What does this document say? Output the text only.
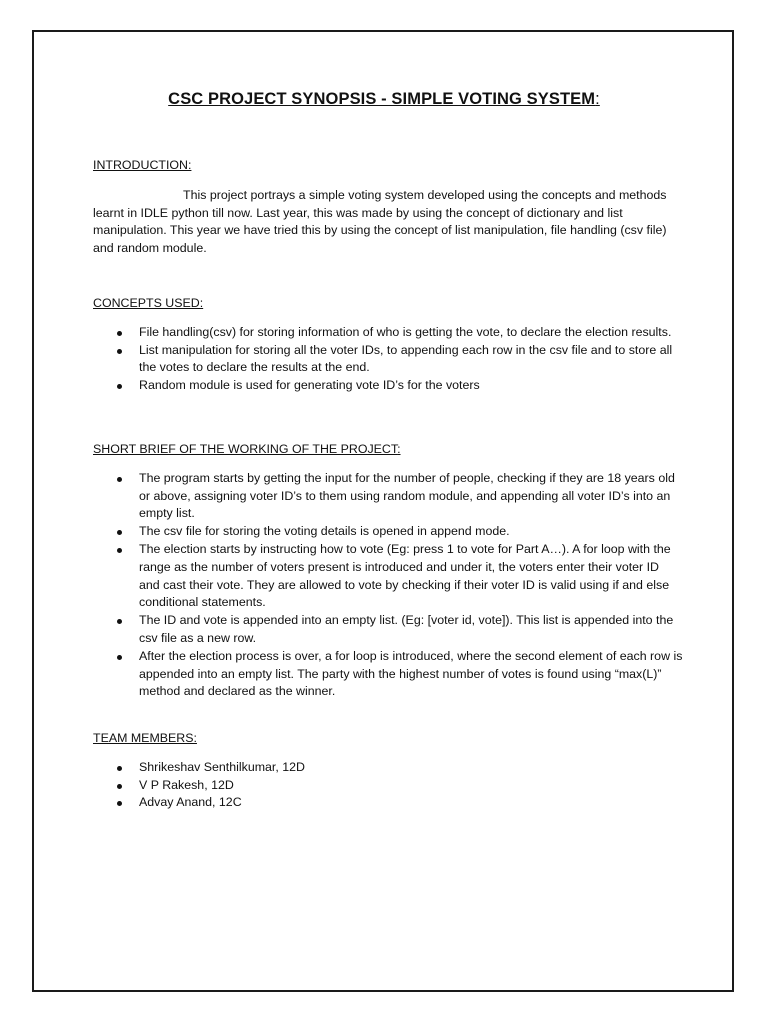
CSC PROJECT SYNOPSIS - SIMPLE VOTING SYSTEM:

INTRODUCTION:

This project portrays a simple voting system developed using the concepts and methods learnt in IDLE python till now. Last year, this was made by using the concept of dictionary and list manipulation. This year we have tried this by using the concept of list manipulation, file handling (csv file) and random module.

CONCEPTS USED:

File handling(csv) for storing information of who is getting the vote, to declare the election results.
List manipulation for storing all the voter IDs, to appending each row in the csv file and to store all the votes to declare the results at the end.
Random module is used for generating vote ID’s for the voters

SHORT BRIEF OF THE WORKING OF THE PROJECT:

The program starts by getting the input for the number of people, checking if they are 18 years old or above, assigning voter ID’s to them using random module, and appending all voter ID’s into an empty list.
The csv file for storing the voting details is opened in append mode.
The election starts by instructing how to vote (Eg: press 1 to vote for Part A…). A for loop with the range as the number of voters present is introduced and under it, the voters enter their voter ID and cast their vote. They are allowed to vote by checking if their voter ID is valid using if and else conditional statements.
The ID and vote is appended into an empty list. (Eg: [voter id, vote]). This list is appended into the csv file as a new row.
After the election process is over, a for loop is introduced, where the second element of each row is appended into an empty list. The party with the highest number of votes is found using “max(L)” method and declared as the winner.

TEAM MEMBERS:

Shrikeshav Senthilkumar, 12D
V P Rakesh, 12D
Advay Anand, 12C
